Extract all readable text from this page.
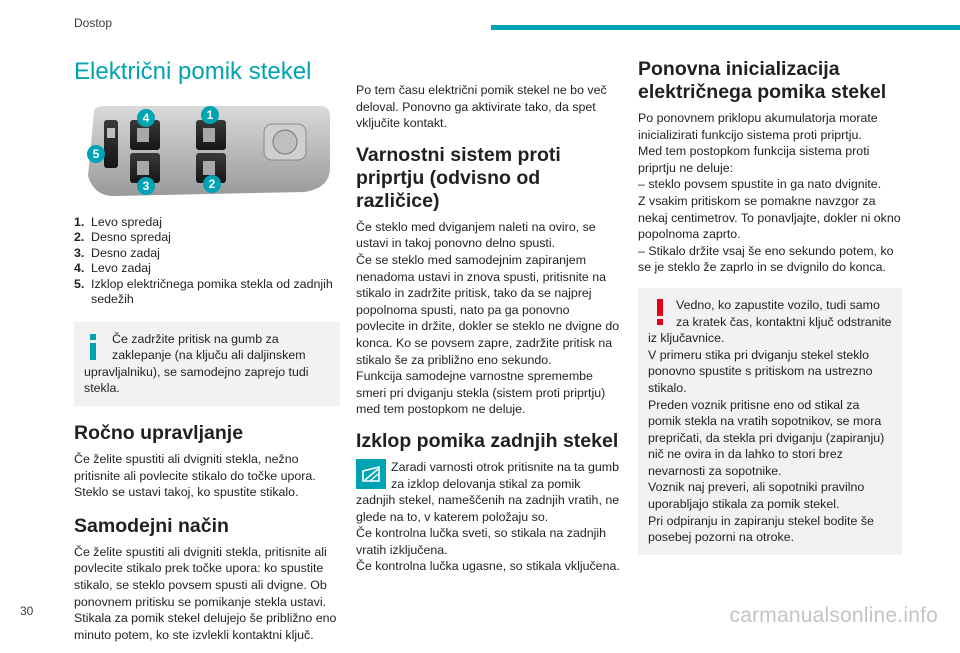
Dostop
Električni pomik stekel
1
2
3
4
5
1. Levo spredaj
2. Desno spredaj
3. Desno zadaj
4. Levo zadaj
5. Izklop električnega pomika stekla od zadnjih sedežih
Če zadržite pritisk na gumb za zaklepanje (na ključu ali daljinskem upravljalniku), se samodejno zaprejo tudi stekla.
Ročno upravljanje

Če želite spustiti ali dvigniti stekla, nežno pritisnite ali povlecite stikalo do točke upora. Steklo se ustavi takoj, ko spustite stikalo.

Samodejni način

Če želite spustiti ali dvigniti stekla, pritisnite ali povlecite stikalo prek točke upora: ko spustite stikalo, se steklo povsem spusti ali dvigne. Ob ponovnem pritisku se pomikanje stekla ustavi. Stikala za pomik stekel delujejo še približno eno minuto potem, ko ste izvlekli kontaktni ključ.

Po tem času električni pomik stekel ne bo več deloval. Ponovno ga aktivirate tako, da spet vključite kontakt.

Varnostni sistem proti priprtju (odvisno od različice)

Če steklo med dviganjem naleti na oviro, se ustavi in takoj ponovno delno spusti.

Če se steklo med samodejnim zapiranjem nenadoma ustavi in znova spusti, pritisnite na stikalo in zadržite pritisk, tako da se najprej popolnoma spusti, nato pa ga ponovno povlecite in držite, dokler se steklo ne dvigne do konca. Ko se povsem zapre, zadržite pritisk na stikalo še za približno eno sekundo.

Funkcija samodejne varnostne spremembe smeri pri dviganju stekla (sistem proti priprtju) med tem postopkom ne deluje.

Izklop pomika zadnjih stekel

Zaradi varnosti otrok pritisnite na ta gumb za izklop delovanja stikal za pomik zadnjih stekel, nameščenih na zadnjih vratih, ne glede na to, v katerem položaju so.

Če kontrolna lučka sveti, so stikala na zadnjih vratih izključena.

Če kontrolna lučka ugasne, so stikala vključena.

Ponovna inicializacija električnega pomika stekel

Po ponovnem priklopu akumulatorja morate inicializirati funkcijo sistema proti priprtju.

Med tem postopkom funkcija sistema proti priprtju ne deluje:

– steklo povsem spustite in ga nato dvignite.

Z vsakim pritiskom se pomakne navzgor za nekaj centimetrov. To ponavljajte, dokler ni okno popolnoma zaprto.

– Stikalo držite vsaj še eno sekundo potem, ko se je steklo že zaprlo in se dvignilo do konca.

Vedno, ko zapustite vozilo, tudi samo za kratek čas, kontaktni ključ odstranite iz ključavnice.

V primeru stika pri dviganju stekel steklo ponovno spustite s pritiskom na ustrezno stikalo.

Preden voznik pritisne eno od stikal za pomik stekla na vratih sopotnikov, se mora prepričati, da stekla pri dviganju (zapiranju) nič ne ovira in da lahko to stori brez nevarnosti za sopotnike.

Voznik naj preveri, ali sopotniki pravilno uporabljajo stikala za pomik stekel.

Pri odpiranju in zapiranju stekel bodite še posebej pozorni na otroke.

30	carmanualsonline.info
